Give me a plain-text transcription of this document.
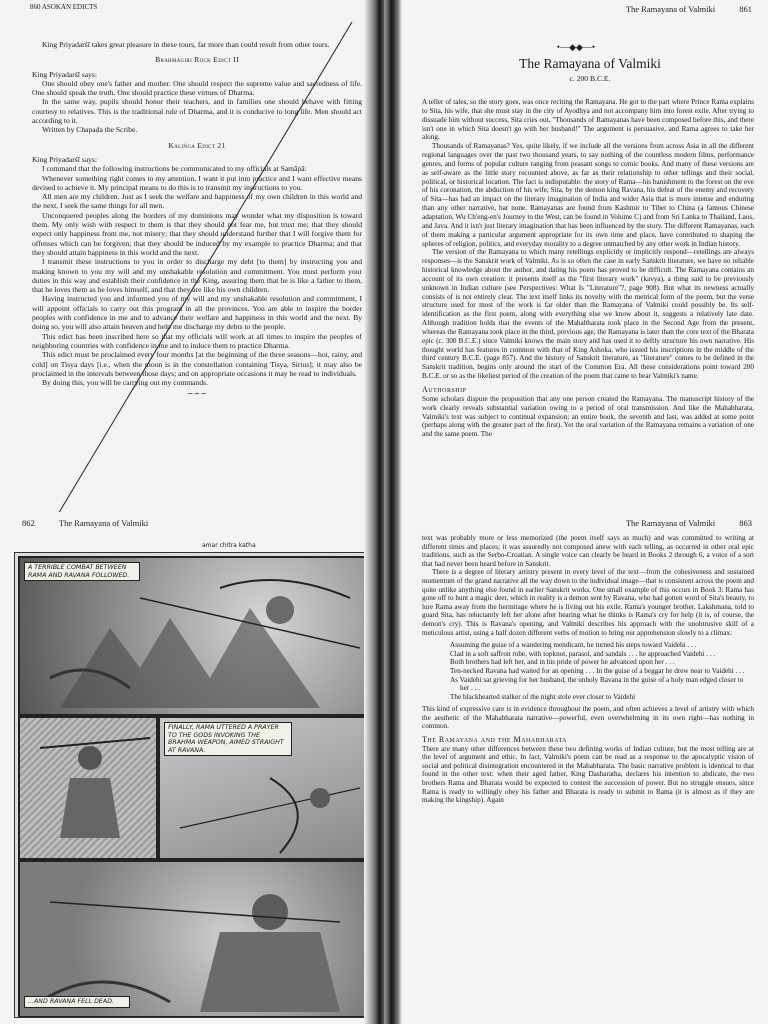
860 ASOKAN EDICTS

King Priyadarśī takes great pleasure in these tours, far more than could result from other tours.

Brahmagiri Rock Edict II

King Priyadarśī says:

One should obey one's father and mother. One should respect the supreme value and sacredness of life. One should speak the truth. One should practice these virtues of Dharma.

In the same way, pupils should honor their teachers, and in families one should behave with fitting courtesy to relatives. This is the traditional rule of Dharma, and it is conducive to long life. Men should act according to it.

Written by Chapaḍa the Scribe.

Kaliṅga Edict 21

King Priyadarśī says:

I command that the following instructions be communicated to my officials at Samāpā:

Whenever something right comes to my attention, I want it put into practice and I want effective means devised to achieve it. My principal means to do this is to transmit my instructions to you.

All men are my children. Just as I seek the welfare and happiness of my own children in this world and the next, I seek the same things for all men.

Unconquered peoples along the borders of my dominions may wonder what my disposition is toward them. My only wish with respect to them is that they should not fear me, but trust me; that they should expect only happiness from me, not misery; that they should understand further that I will forgive them for offenses which can be forgiven; that they should be induced by my example to practice Dharma; and that they should attain happiness in this world and the next.

I transmit these instructions to you in order to discharge my debt [to them] by instructing you and making known to you my will and my unshakable resolution and commitment. You must perform your duties in this way and establish their confidence in the King, assuring them that he is like a father to them, that he loves them as he loves himself, and that they are like his own children.

Having instructed you and informed you of my will and my unshakable resolution and commitment, I will appoint officials to carry out this program in all the provinces. You are able to inspire the border peoples with confidence in me and to advance their welfare and happiness in this world and the next. By doing so, you will also attain heaven and help me discharge my debts to the people.

This edict has been inscribed here so that my officials will work at all times to inspire the peoples of neighboring countries with confidence in me and to induce them to practice Dharma.

This edict must be proclaimed every four months [at the beginning of the three seasons—hot, rainy, and cold] on Tisya days [i.e., when the moon is in the constellation containing Tisya, Sirius]; it may also be proclaimed in the intervals between those days; and on appropriate occasions it may be read to individuals.

By doing this, you will be carrying out my commands.

∽∽∽

The Ramayana of Valmiki	861
•—◆◆—•
The Ramayana of Valmiki
c. 200 B.C.E.

A teller of tales, so the story goes, was once reciting the Ramayana. He got to the part where Prince Rama explains to Sita, his wife, that she must stay in the city of Ayodhya and not accompany him into forest exile. After trying to dissuade him without success, Sita cries out, "Thousands of Ramayanas have been composed before this, and there isn't one in which Sita doesn't go with her husband!" The argument is persuasive, and Rama agrees to take her along.

Thousands of Ramayanas? Yes, quite likely, if we include all the versions from across Asia in all the different regional languages over the past two thousand years, to say nothing of the countless modern films, performance genres, and forms of popular culture ranging from peasant songs to comic books. And many of these versions are as self-aware as the little story recounted above, as far as their relationship to other tellings and their social, political, or historical location. The fact is indisputable: the story of Rama—his banishment to the forest on the eve of his coronation, the abduction of his wife, Sita, by the demon king Ravana, his defeat of the enemy and recovery of Sita—has had an impact on the literary imagination of India and wider Asia that is more intense and enduring than any other narrative, bar none. Ramayanas are found from Kashmir to Tibet to China (a famous Chinese adaptation, Wu Ch'eng-en's Journey to the West, can be found in Volume C) and from Sri Lanka to Thailand, Laos, and Java. And it isn't just literary imagination that has been influenced by the story. The different Ramayanas, each of them making a particular argument appropriate for its own time and place, have contributed to shaping the spheres of religion, politics, and everyday morality to a degree unmatched by any other work in Indian history.

The version of the Ramayana to which many retellings explicitly or implicitly respond—retellings are always responses—is the Sanskrit work of Valmiki. As is so often the case in early Sanskrit literature, we have no reliable historical knowledge about the author, and dating his poem has proved to be difficult. The Ramayana contains an account of its own creation: it presents itself as the "first literary work" (kavya), a thing said to be previously unknown in Indian culture (see Perspectives: What Is "Literature"?, page 908). But what its newness actually consists of is not entirely clear. The text itself links its novelty with the metrical form of the poem, but the verse structure used for most of the work is far older than the Ramayana of Valmiki could possibly be. Its self-identification as the first poem, along with everything else we know about it, suggests a relatively late date. Although tradition holds that the events of the Mahabharata took place in the Second Age from the present, whereas the Ramayana took place in the third, previous age, the Ramayana is later than the core text of the Bharata epic (c. 300 B.C.E.) since Valmiki knows the main story and has used it to deftly structure his own narrative. His thought world has features in common with that of King Ashoka, who issued his inscriptions in the middle of the third century B.C.E. (page 857). And the history of Sanskrit literature, as "literature" comes to be defined in the Sanskrit tradition, begins only around the start of the Common Era. All these considerations point toward 200 B.C.E. or so as the likeliest period of the creation of the poem that came to bear Valmiki's name.

Authorship

Some scholars dispute the proposition that any one person created the Ramayana. The manuscript history of the work clearly reveals substantial variation owing to a period of oral transmission. And like the Mahabharata, Valmiki's text was subject to continual expansion; an entire book, the seventh and last, was added at some point (perhaps along with the greater part of the first). Yet the oral variation of the Ramayana remains a variation of one and the same poem. The

862	The Ramayana of Valmiki
amar chitra katha
A TERRIBLE COMBAT BETWEEN RAMA AND RAVANA FOLLOWED.
FINALLY, RAMA UTTERED A PRAYER TO THE GODS INVOKING THE BRAHMA WEAPON, AIMED STRAIGHT AT RAVANA.
...AND RAVANA FELL DEAD.
The Ramayana of Valmiki	863

text was probably more or less memorized (the poem itself says as much) and was committed to writing at different times and places; it was assuredly not composed anew with each telling, as occurred in other oral epic traditions, such as the Serbo-Croatian. A single voice can clearly be heard in Books 2 through 6, a voice of a sort that had never been heard before in Sanskrit.

There is a degree of literary artistry present in every level of the text—from the cohesiveness and sustained momentum of the grand narrative all the way down to the individual image—that is consistent across the poem and quite unlike anything else found in earlier Sanskrit works. One small example of this occurs in Book 3: Rama has gone off to hunt a magic deer, which in reality is a demon sent by Ravana, who had gotten word of Sita's beauty, to lure Rama away from the hermitage where he is living out his exile. Rama's younger brother, Lakshmana, told to guard Sita, has reluctantly left her alone after hearing what he thinks is Rama's cry for help (it is, of course, the demon's cry). This is Ravana's opening, and Valmiki describes his approach with the unobtrusive skill of a meticulous artist, using a half dozen different verbs of motion to bring our apprehension slowly to a climax:

Assuming the guise of a wandering mendicant, he turned his steps toward Vaidehi . . .

Clad in a soft saffron robe, with topknot, parasol, and sandals . . . he approached Vaidehi . . .

Both brothers had left her, and in his pride of power he advanced upon her . . .

Ten-necked Ravana had waited for an opening . . . In the guise of a beggar he drew near to Vaidehi . . .

As Vaidehi sat grieving for her husband, the unholy Ravana in the guise of a holy man edged closer to her . . .

The blackhearted stalker of the night stole ever closer to Vaidehi

This kind of expressive care is in evidence throughout the poem, and often achieves a level of artistry with which the aesthetic of the Mahabharata narrative—powerful, even overwhelming in its own right—has nothing in common.

The Ramayana and the Mahabharata

There are many other differences between these two defining works of Indian culture, but the most telling are at the level of argument and ethic. In fact, Valmiki's poem can be read as a response to the apocalyptic vision of social and political disintegration encountered in the Mahabharata. The basic narrative problem is identical to that found in the other text: when their aged father, King Dasharatha, declares his intention to abdicate, the two brothers Rama and Bharata would be expected to contest the succession of power. But no struggle ensues, since Rama is ready to willingly obey his father and Bharata is ready to submit to Rama (it is almost as if they are making the kingship). Again
